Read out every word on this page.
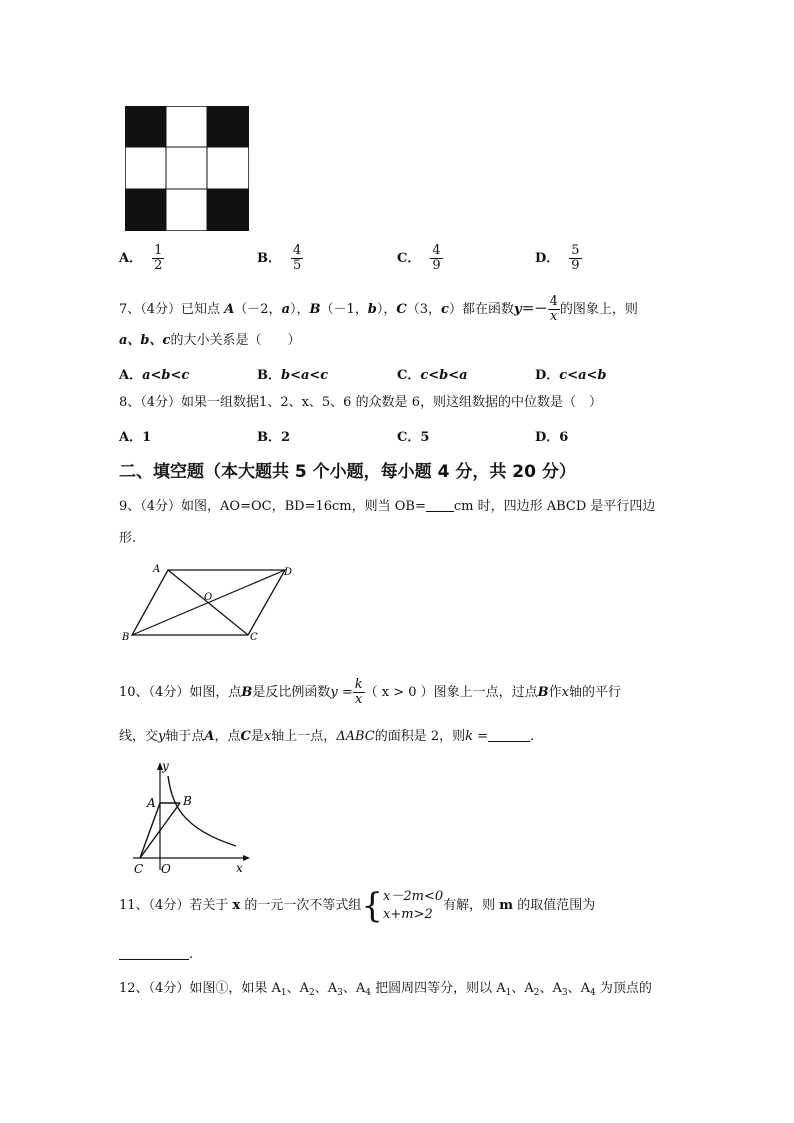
A． $\frac{1}{2}$	B． $\frac{4}{5}$	C． $\frac{4}{9}$	D． $\frac{5}{9}$
7、（4分）已知点 A（－2，a），B（－1，b），C（3，c）都在函数$y=- \frac{4}{x}$ 的图象上，则
a、b、c的大小关系是（　　）
A．a<b<c	B．b<a<c	C．c<b<a	D．c<a<b
8、（4分）如果一组数据1、2、x、5、6 的众数是 6，则这组数据的中位数是（　）
A．1	B．2	C．5	D．6
二、填空题（本大题共 5 个小题，每小题 4 分，共 20 分）
9、（4分）如图，AO=OC，BD=16cm，则当 OB= cm 时，四边形 ABCD 是平行四边
形.
A	D
O
B	C
10、（4分）如图，点B是反比例函数$y = \frac{k}{x}$ （ x > 0 ）图象上一点，过点B作x轴的平行
线，交y轴于点A，点C是x轴上一点，ΔABC的面积是 2，则k =	.
y
x
A B
C O
11、（4分）若关于 x 的一元一次不等式组{ x－2m<0
x+m>2
有解，则 m 的取值范围为
.
12、（4分）如图①，如果 $A_1$、$A_2$、$A_3$、$A_4$ 把圆周四等分，则以 $A_1$、$A_2$、$A_3$、$A_4$ 为顶点的
